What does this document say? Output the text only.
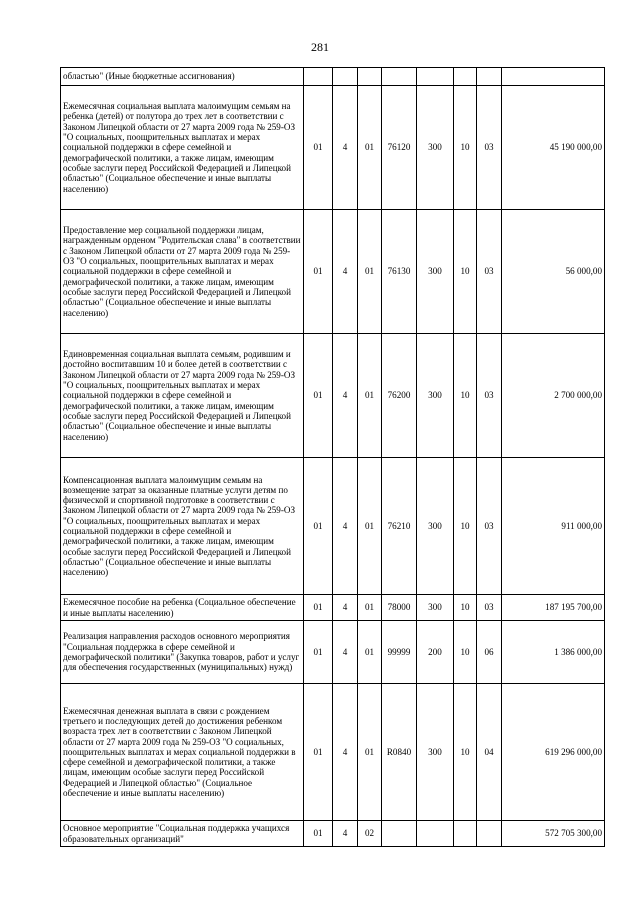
281
областью" (Иные бюджетные ассигнования)								
Ежемесячная социальная выплата малоимущим семьям на ребенка (детей) от полутора до трех лет в соответствии с Законом Липецкой области от 27 марта 2009 года № 259-ОЗ "О социальных, поощрительных выплатах и мерах социальной поддержки в сфере семейной и демографической политики, а также лицам, имеющим особые заслуги перед Российской Федерацией и Липецкой областью" (Социальное обеспечение и иные выплаты населению)	01	4	01	76120	300	10	03	45 190 000,00
Предоставление мер социальной поддержки лицам, награжденным орденом "Родительская слава" в соответствии с Законом Липецкой области от 27 марта 2009 года № 259-ОЗ "О социальных, поощрительных выплатах и мерах социальной поддержки в сфере семейной и демографической политики, а также лицам, имеющим особые заслуги перед Российской Федерацией и Липецкой областью" (Социальное обеспечение и иные выплаты населению)	01	4	01	76130	300	10	03	56 000,00
Единовременная социальная выплата семьям, родившим и достойно воспитавшим 10 и более детей в соответствии с Законом Липецкой области от 27 марта 2009 года № 259-ОЗ "О социальных, поощрительных выплатах и мерах социальной поддержки в сфере семейной и демографической политики, а также лицам, имеющим особые заслуги перед Российской Федерацией и Липецкой областью" (Социальное обеспечение и иные выплаты населению)	01	4	01	76200	300	10	03	2 700 000,00
Компенсационная выплата малоимущим семьям на возмещение затрат за оказанные платные услуги детям по физической и спортивной подготовке в соответствии с Законом Липецкой области от 27 марта 2009 года № 259-ОЗ "О социальных, поощрительных выплатах и мерах социальной поддержки в сфере семейной и демографической политики, а также лицам, имеющим особые заслуги перед Российской Федерацией и Липецкой областью" (Социальное обеспечение и иные выплаты населению)	01	4	01	76210	300	10	03	911 000,00
Ежемесячное пособие на ребенка (Социальное обеспечение и иные выплаты населению)	01	4	01	78000	300	10	03	187 195 700,00
Реализация направления расходов основного мероприятия "Социальная поддержка в сфере семейной и демографической политики" (Закупка товаров, работ и услуг для обеспечения государственных (муниципальных) нужд)	01	4	01	99999	200	10	06	1 386 000,00
Ежемесячная денежная выплата в связи с рождением третьего и последующих детей до достижения ребенком возраста трех лет в соответствии с Законом Липецкой области от 27 марта 2009 года № 259-ОЗ "О социальных, поощрительных выплатах и мерах социальной поддержки в сфере семейной и демографической политики, а также лицам, имеющим особые заслуги перед Российской Федерацией и Липецкой областью" (Социальное обеспечение и иные выплаты населению)	01	4	01	R0840	300	10	04	619 296 000,00
Основное мероприятие "Социальная поддержка учащихся образовательных организаций"	01	4	02					572 705 300,00
